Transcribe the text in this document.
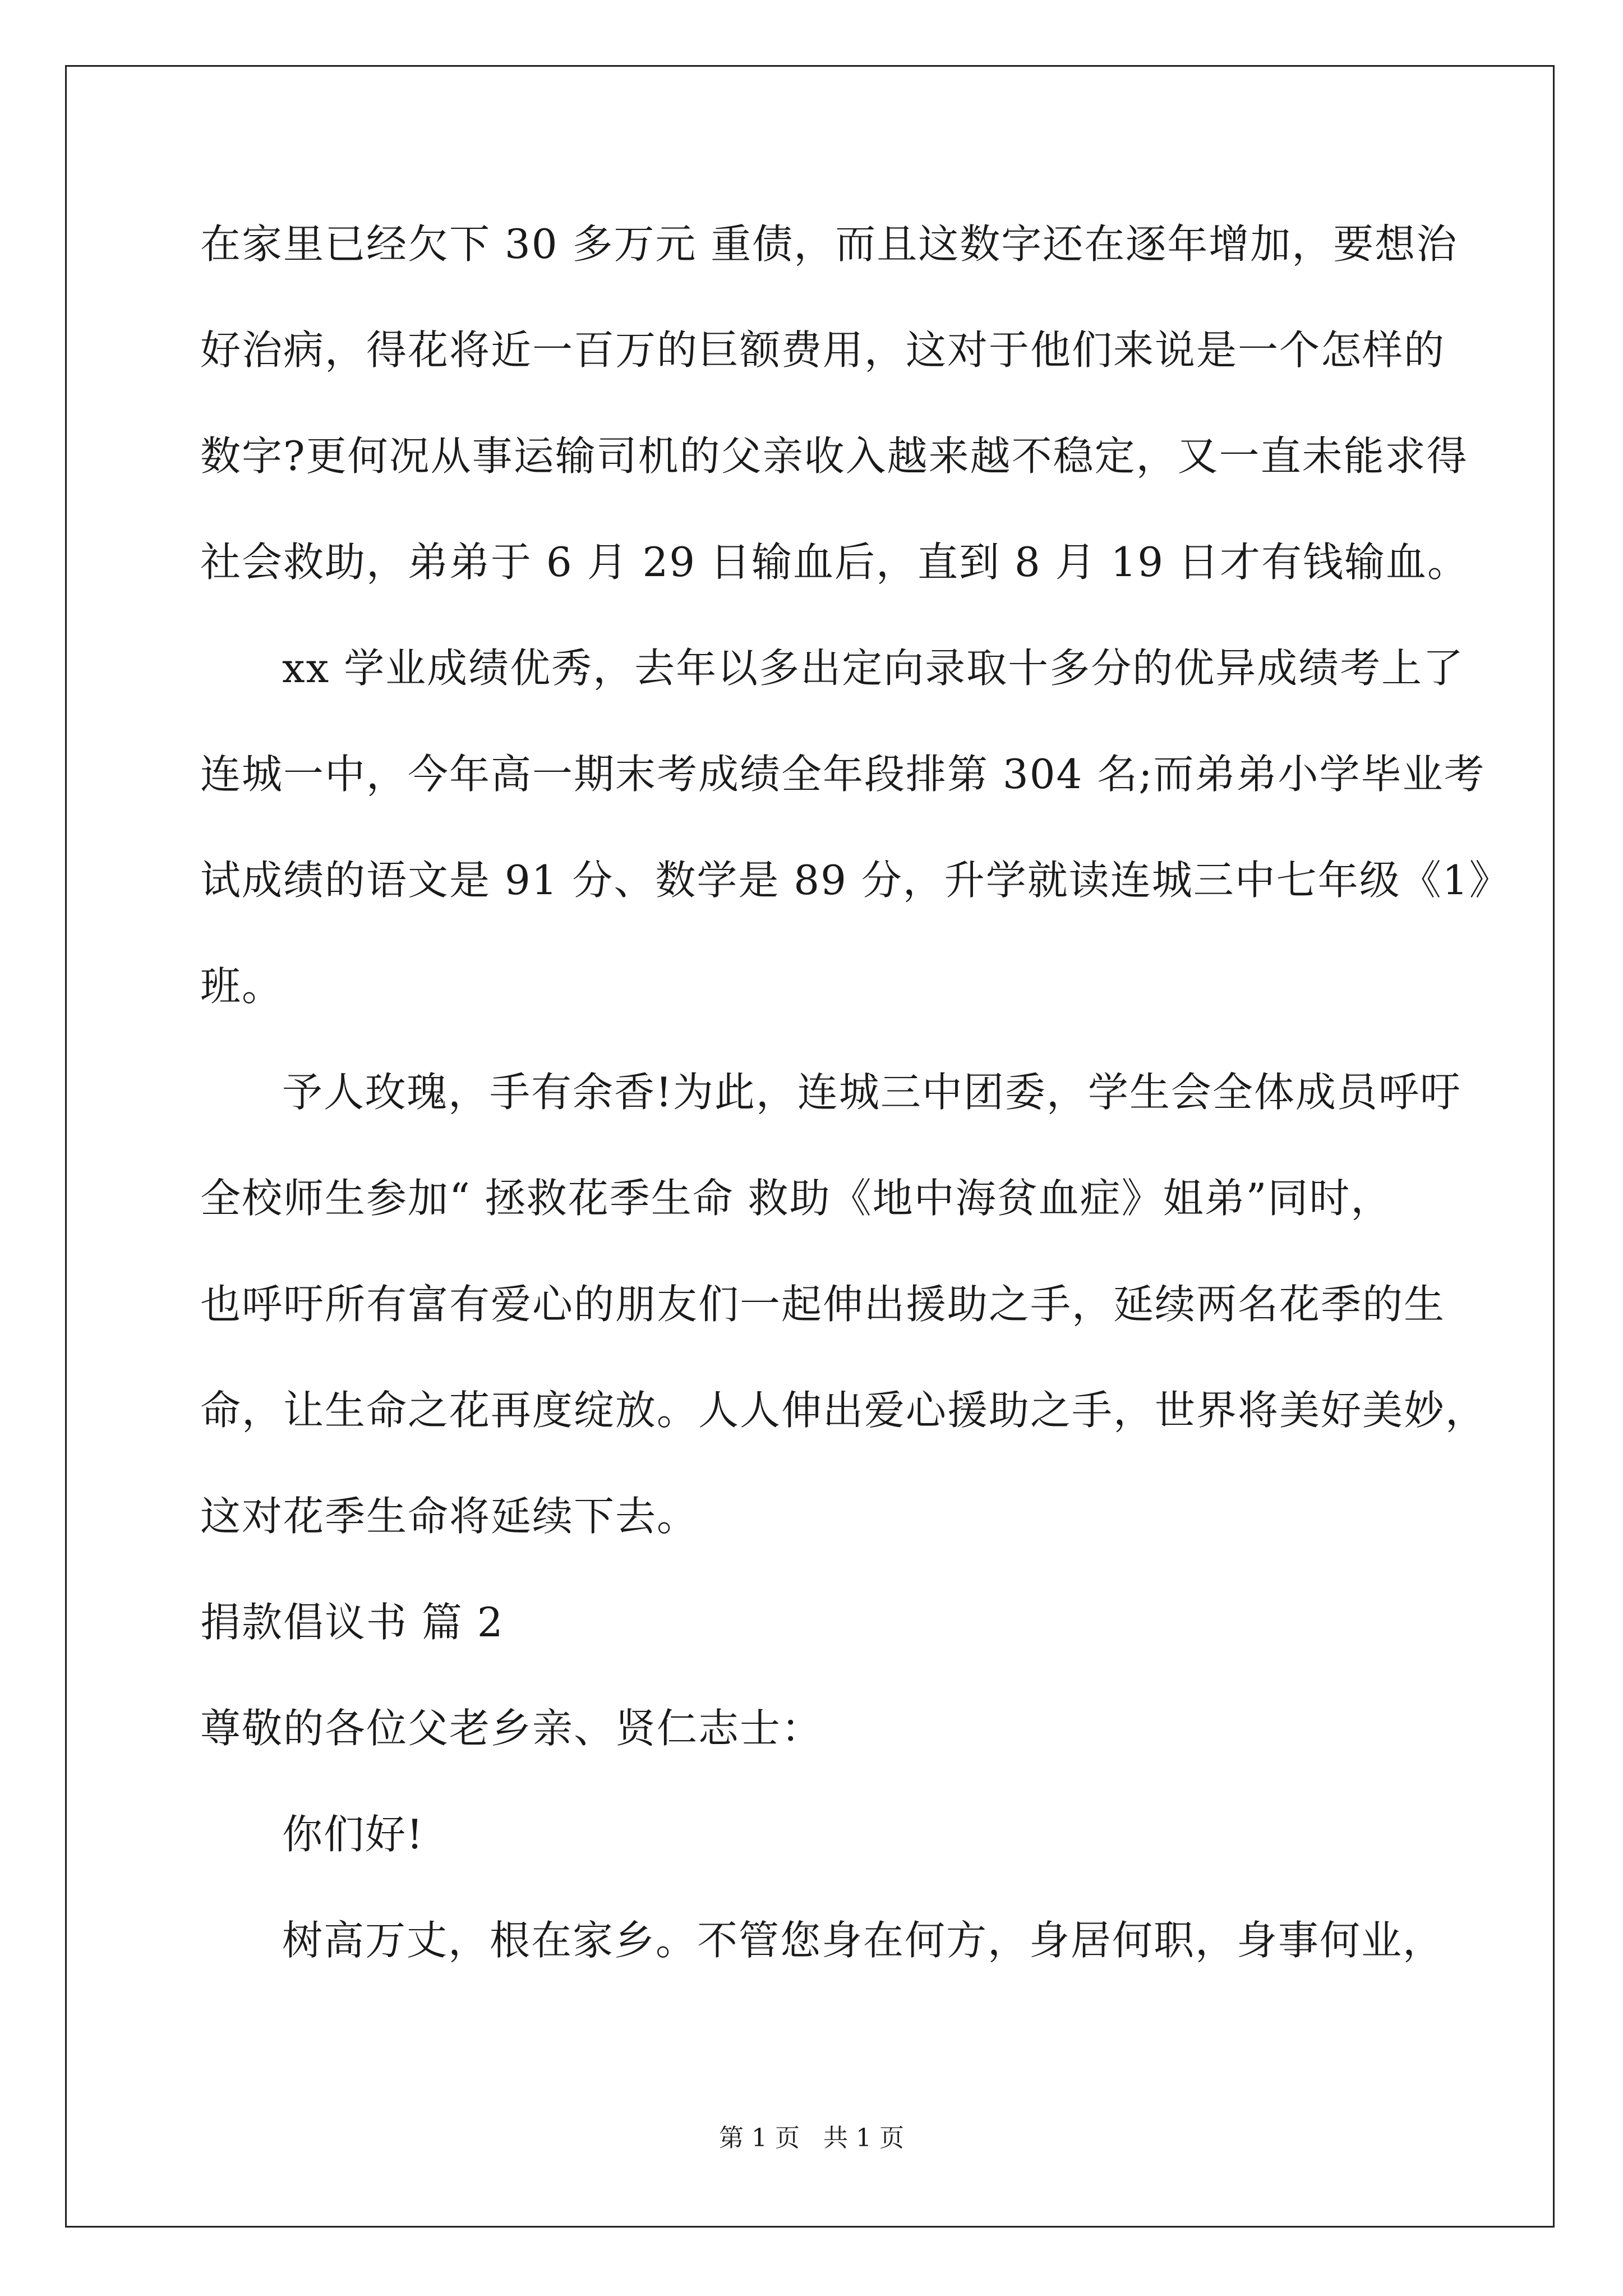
在家里已经欠下 30 多万元 重债，而且这数字还在逐年增加，要想治
好治病，得花将近一百万的巨额费用，这对于他们来说是一个怎样的
数字?更何况从事运输司机的父亲收入越来越不稳定，又一直未能求得
社会救助，弟弟于 6 月 29 日输血后，直到 8 月 19 日才有钱输血。
xx 学业成绩优秀，去年以多出定向录取十多分的优异成绩考上了
连城一中，今年高一期末考成绩全年段排第 304 名;而弟弟小学毕业考
试成绩的语文是 91 分、数学是 89 分，升学就读连城三中七年级《1》
班。
予人玫瑰，手有余香!为此，连城三中团委，学生会全体成员呼吁
全校师生参加“ 拯救花季生命 救助《地中海贫血症》姐弟”同时，
也呼吁所有富有爱心的朋友们一起伸出援助之手，延续两名花季的生
命，让生命之花再度绽放。人人伸出爱心援助之手，世界将美好美妙，
这对花季生命将延续下去。
捐款倡议书 篇 2
尊敬的各位父老乡亲、贤仁志士：
你们好!
树高万丈，根在家乡。不管您身在何方，身居何职，身事何业，
第 1 页   共 1 页
